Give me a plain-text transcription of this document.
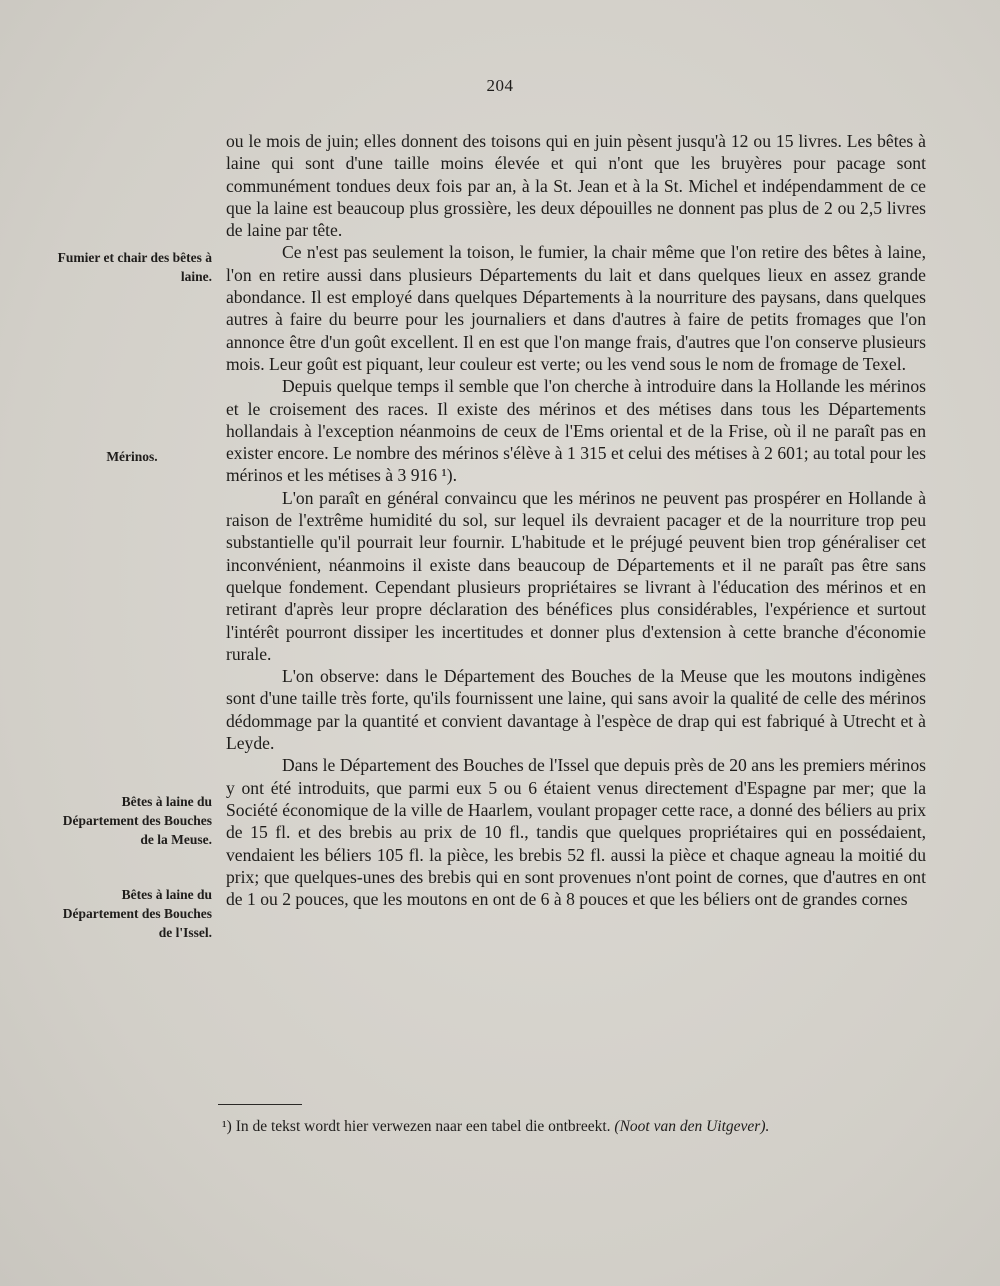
204
Fumier et chair des bêtes à laine.
Mérinos.
Bêtes à laine du Département des Bouches de la Meuse.
Bêtes à laine du Département des Bouches de l'Issel.

ou le mois de juin; elles donnent des toisons qui en juin pèsent jusqu'à 12 ou 15 livres. Les bêtes à laine qui sont d'une taille moins élevée et qui n'ont que les bruyères pour pacage sont communément tondues deux fois par an, à la St. Jean et à la St. Michel et indépendamment de ce que la laine est beaucoup plus grossière, les deux dépouilles ne donnent pas plus de 2 ou 2,5 livres de laine par tête.

Ce n'est pas seulement la toison, le fumier, la chair même que l'on retire des bêtes à laine, l'on en retire aussi dans plusieurs Départements du lait et dans quelques lieux en assez grande abondance. Il est employé dans quelques Départements à la nourriture des paysans, dans quelques autres à faire du beurre pour les journaliers et dans d'autres à faire de petits fromages que l'on annonce être d'un goût excellent. Il en est que l'on mange frais, d'autres que l'on conserve plusieurs mois. Leur goût est piquant, leur couleur est verte; ou les vend sous le nom de fromage de Texel.

Depuis quelque temps il semble que l'on cherche à introduire dans la Hollande les mérinos et le croisement des races. Il existe des mérinos et des métises dans tous les Départements hollandais à l'exception néanmoins de ceux de l'Ems oriental et de la Frise, où il ne paraît pas en exister encore. Le nombre des mérinos s'élève à 1 315 et celui des métises à 2 601; au total pour les mérinos et les métises à 3 916 ¹).

L'on paraît en général convaincu que les mérinos ne peuvent pas prospérer en Hollande à raison de l'extrême humidité du sol, sur lequel ils devraient pacager et de la nourriture trop peu substantielle qu'il pourrait leur fournir. L'habitude et le préjugé peuvent bien trop généraliser cet inconvénient, néanmoins il existe dans beaucoup de Départements et il ne paraît pas être sans quelque fondement. Cependant plusieurs propriétaires se livrant à l'éducation des mérinos et en retirant d'après leur propre déclaration des bénéfices plus considérables, l'expérience et surtout l'intérêt pourront dissiper les incertitudes et donner plus d'extension à cette branche d'économie rurale.

L'on observe: dans le Département des Bouches de la Meuse que les moutons indigènes sont d'une taille très forte, qu'ils fournissent une laine, qui sans avoir la qualité de celle des mérinos dédommage par la quantité et convient davantage à l'espèce de drap qui est fabriqué à Utrecht et à Leyde.

Dans le Département des Bouches de l'Issel que depuis près de 20 ans les premiers mérinos y ont été introduits, que parmi eux 5 ou 6 étaient venus directement d'Espagne par mer; que la Société économique de la ville de Haarlem, voulant propager cette race, a donné des béliers au prix de 15 fl. et des brebis au prix de 10 fl., tandis que quelques propriétaires qui en possédaient, vendaient les béliers 105 fl. la pièce, les brebis 52 fl. aussi la pièce et chaque agneau la moitié du prix; que quelques-unes des brebis qui en sont provenues n'ont point de cornes, que d'autres en ont de 1 ou 2 pouces, que les moutons en ont de 6 à 8 pouces et que les béliers ont de grandes cornes

¹) In de tekst wordt hier verwezen naar een tabel die ontbreekt. (Noot van den Uitgever).
